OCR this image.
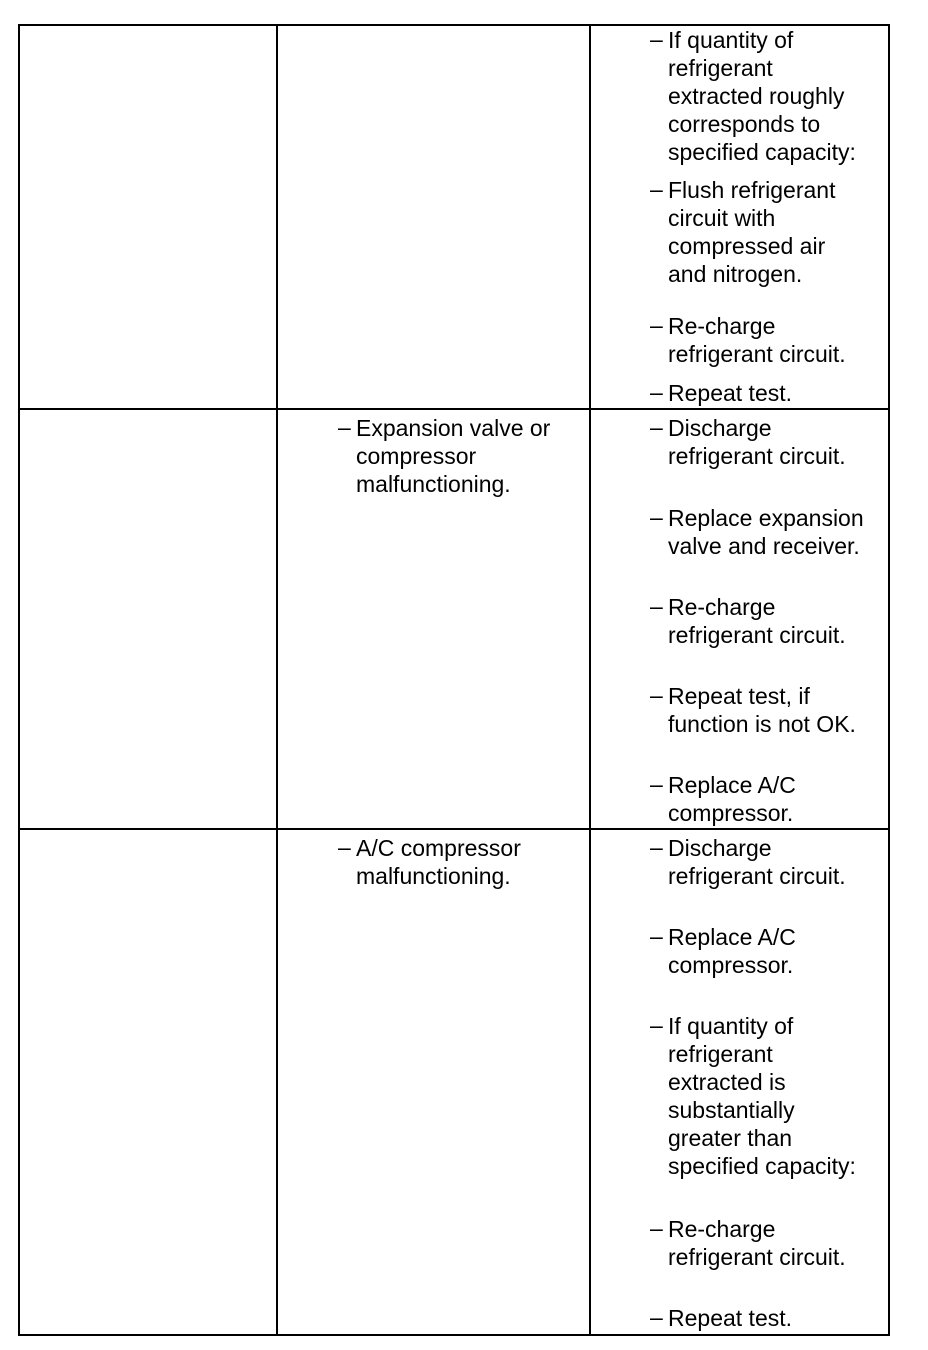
– If quantity of
refrigerant
extracted roughly
corresponds to
specified capacity:
– Flush refrigerant
circuit with
compressed air
and nitrogen.
– Re-charge
refrigerant circuit.
– Repeat test.
– Expansion valve or
compressor
malfunctioning.
– Discharge
refrigerant circuit.
– Replace expansion
valve and receiver.
– Re-charge
refrigerant circuit.
– Repeat test, if
function is not OK.
– Replace A/C
compressor.
– A/C compressor
malfunctioning.
– Discharge
refrigerant circuit.
– Replace A/C
compressor.
– If quantity of
refrigerant
extracted is
substantially
greater than
specified capacity:
– Re-charge
refrigerant circuit.
– Repeat test.
